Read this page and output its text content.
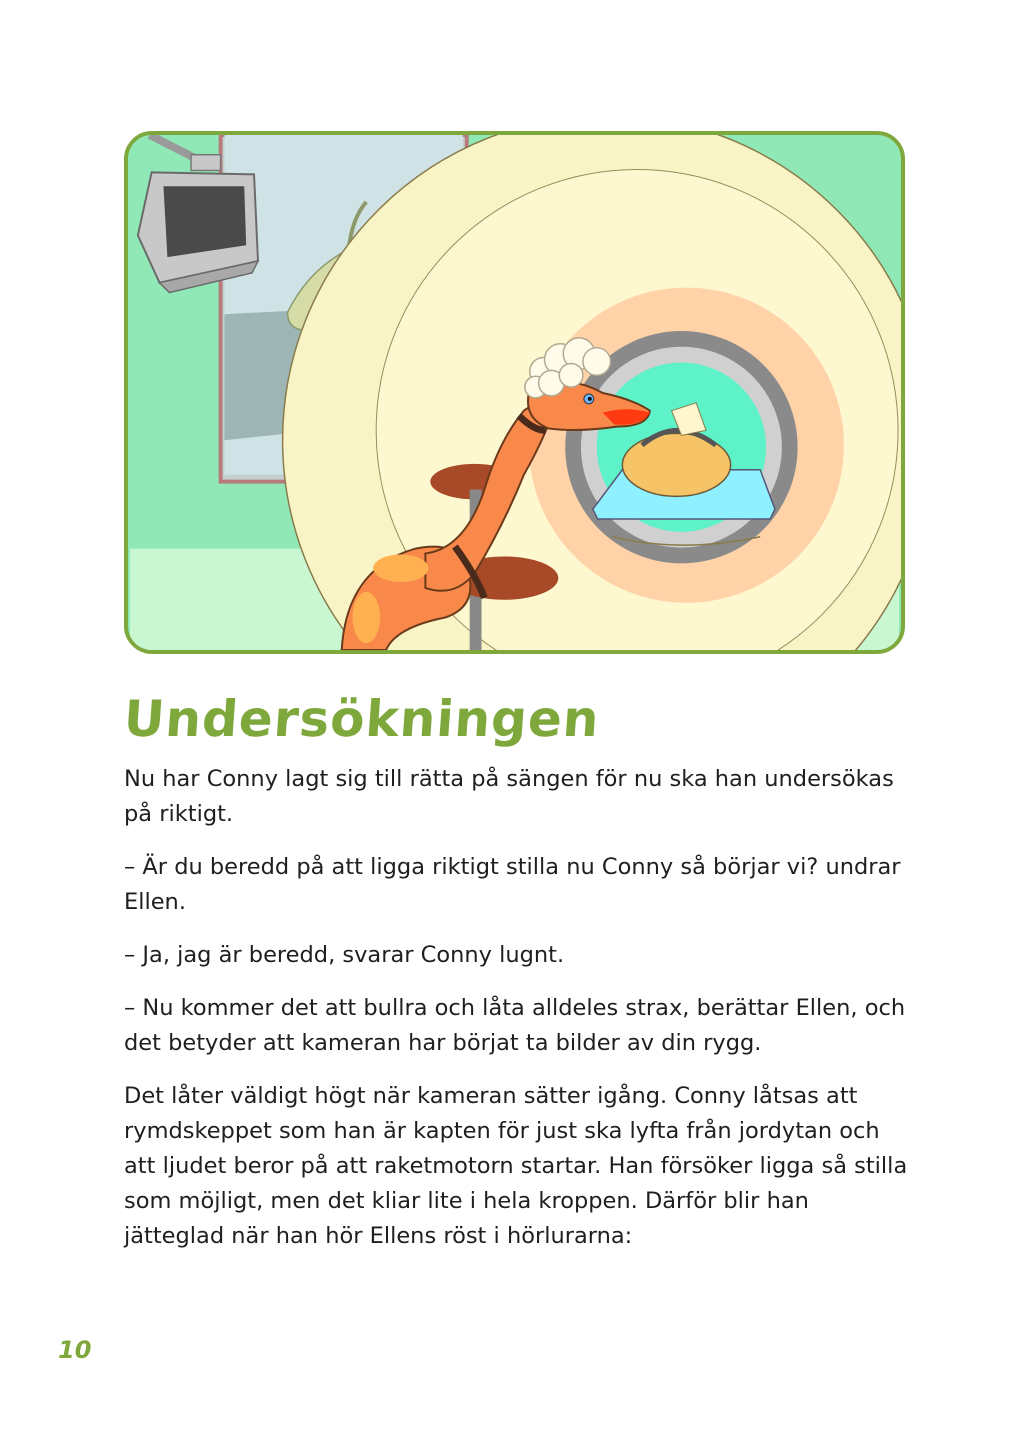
Undersökningen

Nu har Conny lagt sig till rätta på sängen för nu ska han undersökas på riktigt.

– Är du beredd på att ligga riktigt stilla nu Conny så börjar vi? undrar Ellen.

– Ja, jag är beredd, svarar Conny lugnt.

– Nu kommer det att bullra och låta alldeles strax, berättar Ellen, och det betyder att kameran har börjat ta bilder av din rygg.

Det låter väldigt högt när kameran sätter igång. Conny låtsas att rymdskeppet som han är kapten för just ska lyfta från jordytan och att ljudet beror på att raketmotorn startar. Han försöker ligga så stilla som möjligt, men det kliar lite i hela kroppen. Därför blir han jätteglad när han hör Ellens röst i hörlurarna:

10
